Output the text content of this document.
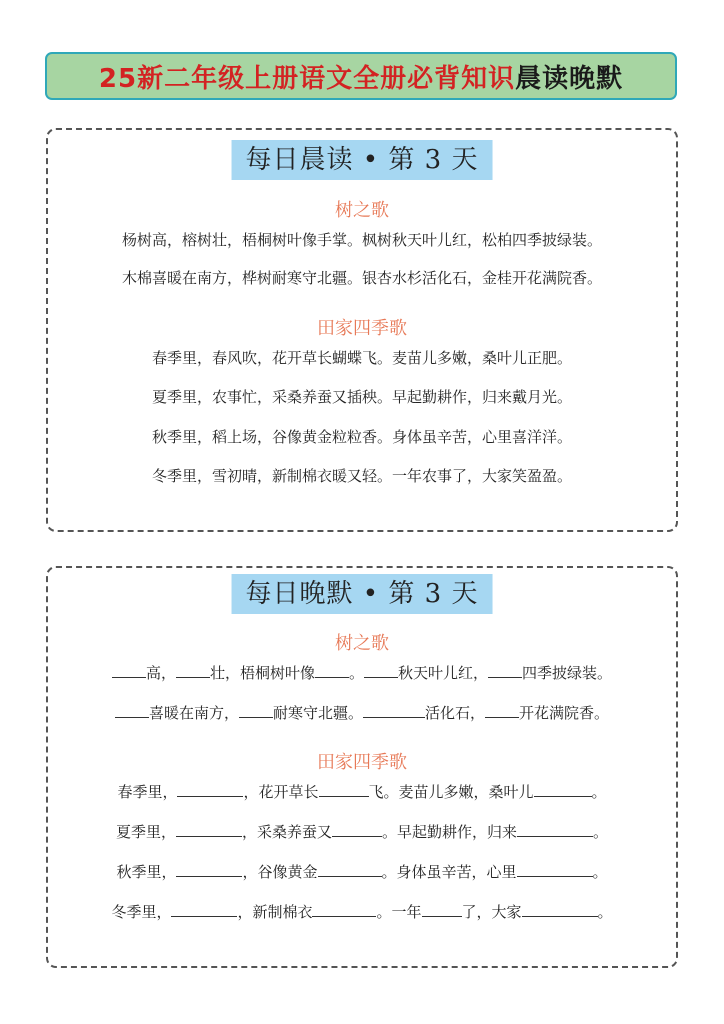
25新二年级上册语文全册必背知识 晨读晚默
每日晨读 • 第 3 天
树之歌
杨树高，榕树壮，梧桐树叶像手掌。枫树秋天叶儿红，松柏四季披绿装。
木棉喜暖在南方，桦树耐寒守北疆。银杏水杉活化石，金桂开花满院香。
田家四季歌
春季里，春风吹，花开草长蝴蝶飞。麦苗儿多嫩，桑叶儿正肥。
夏季里，农事忙，采桑养蚕又插秧。早起勤耕作，归来戴月光。
秋季里，稻上场，谷像黄金粒粒香。身体虽辛苦，心里喜洋洋。
冬季里，雪初晴，新制棉衣暖又轻。一年农事了，大家笑盈盈。
每日晚默 • 第 3 天
树之歌
高， 壮，梧桐树叶像 。 秋天叶儿红， 四季披绿装。
喜暖在南方， 耐寒守北疆。	活化石， 开花满院香。
田家四季歌
春季里，	，花开草长	飞。麦苗儿多嫩，桑叶儿	。
夏季里，	，采桑养蚕又	。早起勤耕作，归来	。
秋季里，	，谷像黄金	。身体虽辛苦，心里	。
冬季里，	，新制棉衣	。一年	了，大家	。
